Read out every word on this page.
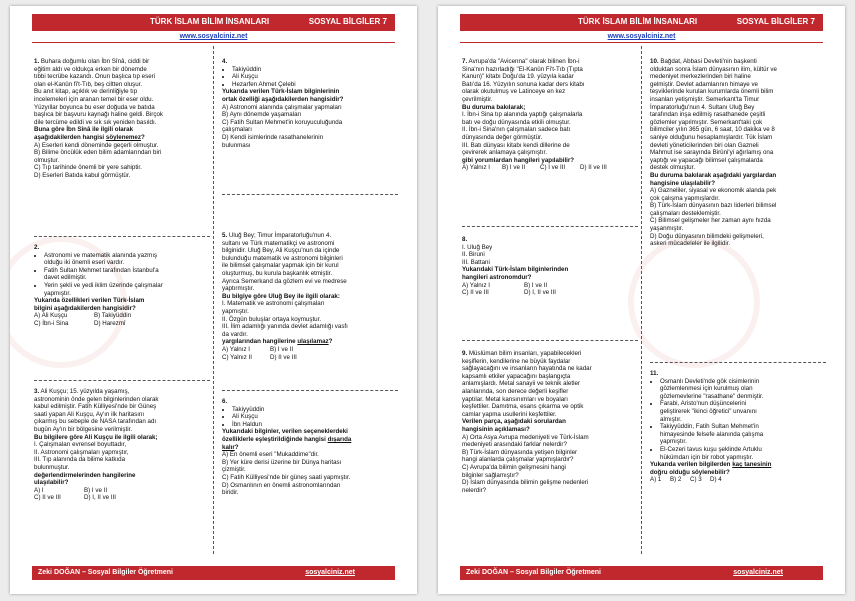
TÜRK İSLAM BİLİM İNSANLARI	SOSYAL BİLGİLER 7
www.sosyalciniz.net

1. Buhara doğumlu olan İbn Sînâ, ciddi bir

eğitim aldı ve oldukça erken bir dönemde

tıbbi tecrübe kazandı. Onun başlıca tıp eseri

olan el-Kanûn fi't-Tıb, beş ciltten oluşur.

Bu anıt kitap, açıklık ve derinliğiyle tıp

incelemeleri için aranan temel bir eser oldu.

Yüzyıllar boyunca bu eser doğuda ve batıda

başlıca bir başvuru kaynağı haline geldi. Birçok

dile tercüme edildi ve sık sık yeniden basıldı.

Buna göre İbn Sînâ ile ilgili olarak

aşağıdakilerden hangisi söylenemez?

A) Eserleri kendi döneminde geçerli olmuştur.

B) Bilime öncülük eden bilim adamlarından biri

olmuştur.

C) Tıp tarihinde önemli bir yere sahiptir.

D) Eserleri Batıda kabul görmüştür.

2.

• Astronomi ve matematik alanında yazmış
olduğu iki önemli eseri vardır.
• Fatih Sultan Mehmet tarafından İstanbul'a
davet edilmiştir.
• Yerin şekli ve yedi iklim üzerinde çalışmalar
yapmıştır.

Yukarıda özellikleri verilen Türk-İslam

bilgini aşağıdakilerden hangisidir?

A) Ali Kuşçu	B) Takiyüddin
C) İbn-i Sina	D) Harezmî

3. Ali Kuşçu; 15. yüzyılda yaşamış,

astronominin önde gelen bilginlerinden olarak

kabul edilmiştir. Fatih Külliyesi'nde bir Güneş

saati yapan Ali Kuşçu, Ay'ın ilk haritasını

çıkarmış bu sebeple de NASA tarafından adı

bugün Ay'ın bir bölgesine verilmiştir.

Bu bilgilere göre Ali Kuşçu ile ilgili olarak;

I. Çalışmaları evrensel boyuttadır,

II. Astronomi çalışmaları yapmıştır,

III. Tıp alanında da bilime katkıda

bulunmuştur.

değerlendirmelerinden hangilerine

ulaşılabilir?

A) I	B) I ve II
C) II ve III	D) I, II ve III

4.

• Takiyüddin
• Ali Kuşçu
• Hezarfen Ahmet Çelebi

Yukarıda verilen Türk-İslam bilginlerinin

ortak özelliği aşağıdakilerden hangisidir?

A) Astronomi alanında çalışmalar yapmaları

B) Aynı dönemde yaşamaları

C) Fatih Sultan Mehmet'in koruyuculuğunda

çalışmaları

D) Kendi isimlerinde rasathanelerinin

bulunması

5. Uluğ Bey; Timur İmparatorluğu'nun 4.

sultanı ve Türk matematikçi ve astronomi

bilginidir. Uluğ Bey, Ali Kuşçu'nun da içinde

bulunduğu matematik ve astronomi bilginleri

ile bilimsel çalışmalar yapmak için bir kurul

oluşturmuş, bu kurula başkanlık etmiştir.

Ayrıca Semerkand da gözlem evi ve medrese

yaptırmıştır.

Bu bilgiye göre Uluğ Bey ile ilgili olarak:

I. Matematik ve astronomi çalışmaları

yapmıştır.

II. Özgün buluşlar ortaya koymuştur.

III. İlim adamlığı yanında devlet adamlığı vasfı

da vardır.

yargılarından hangilerine ulaşılamaz?

A) Yalnız I	B) I ve II
C) Yalnız II	D) II ve III

6.

• Takiyyüddin
• Ali Kuşçu
• İbn Haldun

Yukarıdaki bilginler, verilen seçeneklerdeki

özelliklerle eşleştirildiğinde hangisi dışarıda

kalır?

A) En önemli eseri "Mukaddime"dir.

B) Yer küre derisi üzerine bir Dünya haritası

çizmiştir.

C) Fatih Külliyesi'nde bir güneş saati yapmıştır.

D) Osmanlının en önemli astronomlarından

biridir.

Zeki DOĞAN – Sosyal Bilgiler Öğretmeni	sosyalciniz.net
TÜRK İSLAM BİLİM İNSANLARI	SOSYAL BİLGİLER 7
www.sosyalciniz.net

7. Avrupa'da "Avicenna" olarak bilinen İbn-i

Sina'nın hazırladığı "El-Kanûn Fi't-Tıb (Tıpta

Kanun)" kitabı Doğu'da 19. yüzyıla kadar

Batı'da 16. Yüzyılın sonuna kadar ders kitabı

olarak okutulmuş ve Latinceye en kez

çevrilmiştir.

Bu duruma bakılarak;

I. İbn-i Sina tıp alanında yaptığı çalışmalarla

batı ve doğu dünyasında etkili olmuştur.

II. İbn-i Sina'nın çalışmaları sadece batı

dünyasında değer görmüştür.

III. Batı dünyası kitabı kendi dillerine de

çevirerek anlamaya çalışmıştır.

gibi yorumlardan hangileri yapılabilir?

A) Yalnız I	B) I ve II	C) I ve III	D) II ve III

8.

I. Uluğ Bey

II. Biruni

III. Battani

Yukarıdaki Türk-İslam bilginlerinden

hangileri astronomdur?

A) Yalnız I	B) I ve II
C) II ve III	D) I, II ve III

9. Müslüman bilim insanları, yapabilecekleri

keşiflerin, kendilerine ne büyük faydalar

sağlayacağını ve insanların hayatında ne kadar

kapsamlı etkiler yapacağını başlangıçta

anlamışlardı. Metal sanayii ve teknik aletler

alanlarında, son derece değerli keşifler

yaptılar. Metal kansınımları ve boyaları

keşfettiler. Damıtma, esans çıkarma ve optik

camlar yapma usullerini keşfettiler.

Verilen parça, aşağıdaki sorulardan

hangisinin açıklaması?

A) Orta Asya Avrupa medeniyeti ve Türk-İslam

medeniyeti arasındaki farklar nelerdir?

B) Türk-İslam dünyasında yetişen bilginler

hangi alanlarda çalışmalar yapmışlardır?

C) Avrupa'da bilimin gelişmesini hangi

bilginler sağlamıştır?

D) İslam dünyasında bilimin gelişme nedenleri

nelerdir?

10. Bağdat, Abbasi Devleti'nin başkenti

olduktan sonra İslam dünyasının ilim, kültür ve

medeniyet merkezlerinden biri haline

gelmiştir. Devlet adamlarının himaye ve

teşviklerinde kurulan kurumlarda önemli bilim

insanları yetişmiştir. Semerkant'ta Timur

İmparatorluğu'nun 4. Sultanı Uluğ Bey

tarafından inşa edilmiş rasathanede çeşitli

gözlemler yapılmıştır. Semerkant'taki çok

bilimciler yılın 365 gün, 6 saat, 10 dakika ve 8

saniye olduğunu hesaplamışlardır. Tük İslam

devleti yöneticilerinden biri olan Gazneli

Mahmut ise sarayında Birûni'yi ağırlamış ona

yaptığı ve yapacağı bilimsel çalışmalarda

destek olmuştur.

Bu duruma bakılarak aşağıdaki yargılardan

hangisine ulaşılabilir?

A) Gazneliler, siyasal ve ekonomik alanda pek

çok çalışma yapmışlardır.

B) Türk-İslam dünyasının bazı liderleri bilimsel

çalışmaları desteklemiştir.

C) Bilimsel gelişmeler her zaman aynı hızda

yaşanmıştır.

D) Doğu dünyasının bilimdeki gelişmeleri,

askeri mücadeleler ile ilgilidir.

11.

• Osmanlı Devleti'nde gök cisimlerinin
gözlemlenmesi için kurulmuş olan
gözlemevlerine "rasathane" denmiştir.
• Farabi, Aristo'nun düşüncelerini
geliştirerek "ikinci öğretici" unvanını
almıştır.
• Takiyyüddin, Fatih Sultan Mehmet'in
himayesinde felsefe alanında çalışma
yapmıştır.
• El-Cezeri tavus kuşu şeklinde Artuklu
hükümdarı için bir robot yapmıştır.

Yukarıda verilen bilgilerden kaç tanesinin

doğru olduğu söylenebilir?

A) 1	B) 2	C) 3	D) 4
Zeki DOĞAN – Sosyal Bilgiler Öğretmeni	sosyalciniz.net
